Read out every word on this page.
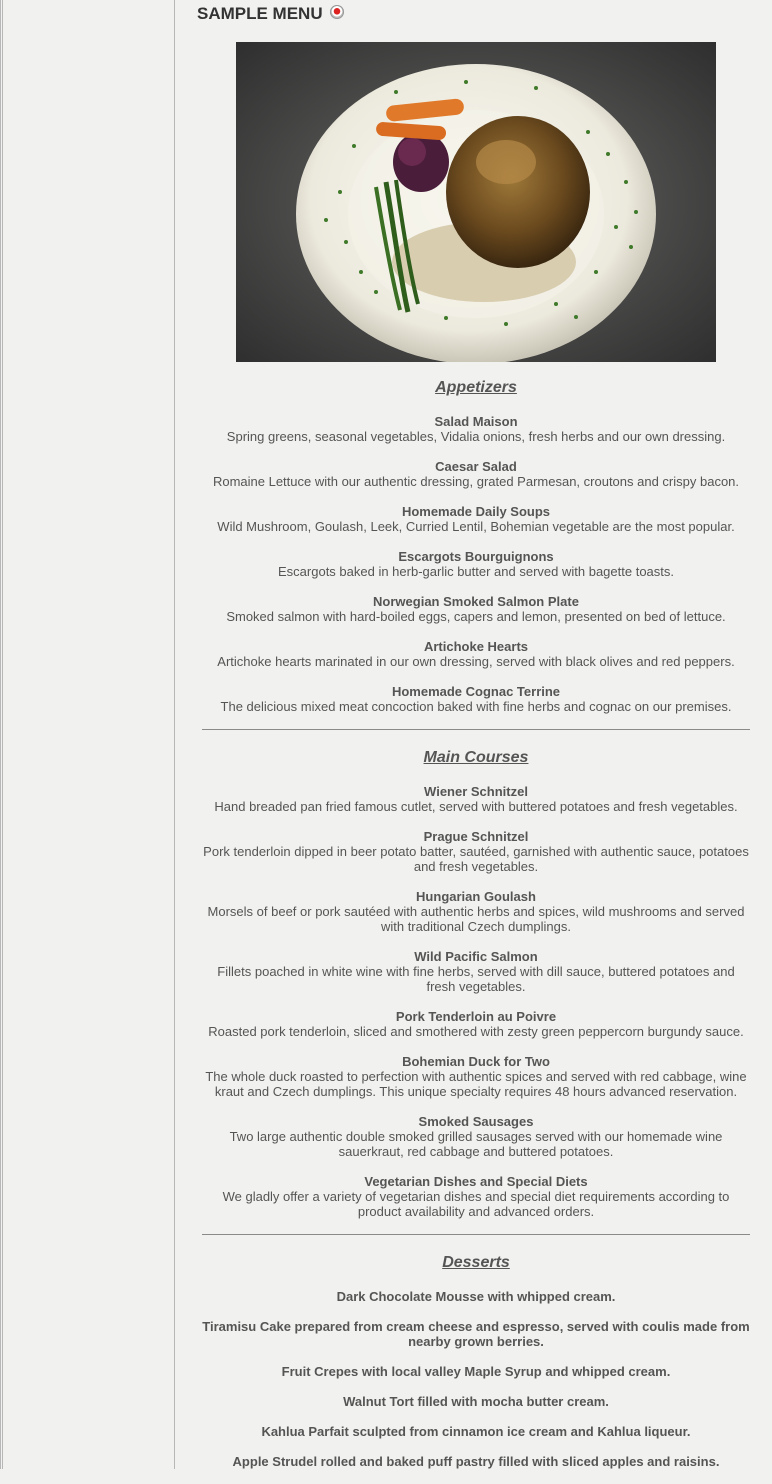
SAMPLE MENU
Appetizers
Salad Maison
Spring greens, seasonal vegetables, Vidalia onions, fresh herbs and our own dressing.
Caesar Salad
Romaine Lettuce with our authentic dressing, grated Parmesan, croutons and crispy bacon.
Homemade Daily Soups
Wild Mushroom, Goulash, Leek, Curried Lentil, Bohemian vegetable are the most popular.
Escargots Bourguignons
Escargots baked in herb-garlic butter and served with bagette toasts.
Norwegian Smoked Salmon Plate
Smoked salmon with hard-boiled eggs, capers and lemon, presented on bed of lettuce.
Artichoke Hearts
Artichoke hearts marinated in our own dressing, served with black olives and red peppers.
Homemade Cognac Terrine
The delicious mixed meat concoction baked with fine herbs and cognac on our premises.
Main Courses
Wiener Schnitzel
Hand breaded pan fried famous cutlet, served with buttered potatoes and fresh vegetables.
Prague Schnitzel
Pork tenderloin dipped in beer potato batter, sautéed, garnished with authentic sauce, potatoes and fresh vegetables.
Hungarian Goulash
Morsels of beef or pork sautéed with authentic herbs and spices, wild mushrooms and served with traditional Czech dumplings.
Wild Pacific Salmon
Fillets poached in white wine with fine herbs, served with dill sauce, buttered potatoes and fresh vegetables.
Pork Tenderloin au Poivre
Roasted pork tenderloin, sliced and smothered with zesty green peppercorn burgundy sauce.
Bohemian Duck for Two
The whole duck roasted to perfection with authentic spices and served with red cabbage, wine kraut and Czech dumplings. This unique specialty requires 48 hours advanced reservation.
Smoked Sausages
Two large authentic double smoked grilled sausages served with our homemade wine sauerkraut, red cabbage and buttered potatoes.
Vegetarian Dishes and Special Diets
We gladly offer a variety of vegetarian dishes and special diet requirements according to product availability and advanced orders.
Desserts
Dark Chocolate Mousse with whipped cream.
Tiramisu Cake prepared from cream cheese and espresso, served with coulis made from nearby grown berries.
Fruit Crepes with local valley Maple Syrup and whipped cream.
Walnut Tort filled with mocha butter cream.
Kahlua Parfait sculpted from cinnamon ice cream and Kahlua liqueur.
Apple Strudel rolled and baked puff pastry filled with sliced apples and raisins.
